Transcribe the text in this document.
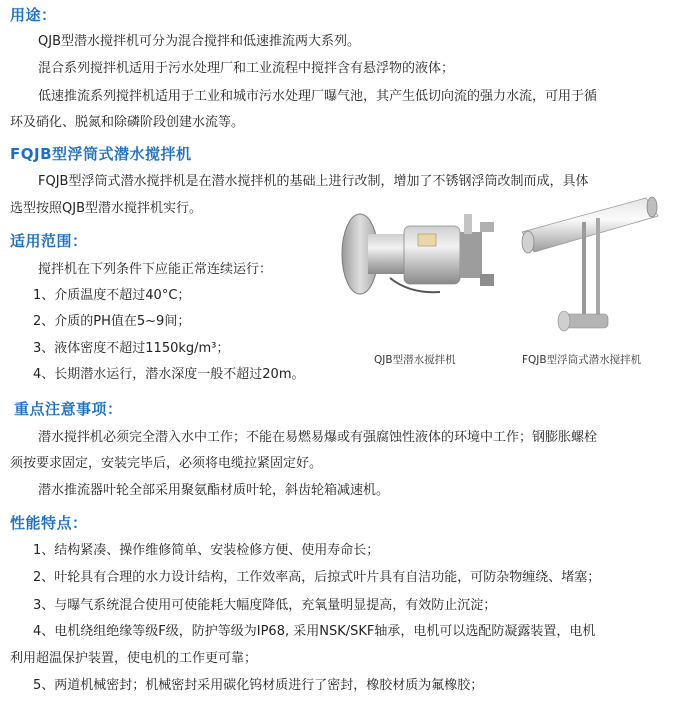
用途：
QJB型潜水搅拌机可分为混合搅拌和低速推流两大系列。
混合系列搅拌机适用于污水处理厂和工业流程中搅拌含有悬浮物的液体；
低速推流系列搅拌机适用于工业和城市污水处理厂曝气池，其产生低切向流的强力水流，可用于循
环及硝化、脱氮和除磷阶段创建水流等。
FQJB型浮筒式潜水搅拌机
FQJB型浮筒式潜水搅拌机是在潜水搅拌机的基础上进行改制，增加了不锈钢浮筒改制而成，具体
选型按照QJB型潜水搅拌机实行。
适用范围：
搅拌机在下列条件下应能正常连续运行：
1、介质温度不超过40°C；
2、介质的PH值在5~9间；
3、液体密度不超过1150kg/m³；
4、长期潜水运行，潜水深度一般不超过20m。
QJB型潜水搅拌机	FQJB型浮筒式潜水搅拌机
重点注意事项：
潜水搅拌机必须完全潜入水中工作；不能在易燃易爆或有强腐蚀性液体的环境中工作；钢膨胀螺栓
须按要求固定，安装完毕后，必须将电缆拉紧固定好。
潜水推流器叶轮全部采用聚氨酯材质叶轮，斜齿轮箱减速机。
性能特点：
1、结构紧凑、操作维修简单、安装检修方便、使用寿命长；
2、叶轮具有合理的水力设计结构，工作效率高，后掠式叶片具有自洁功能，可防杂物缠绕、堵塞；
3、与曝气系统混合使用可使能耗大幅度降低，充氧量明显提高，有效防止沉淀；
4、电机绕组绝缘等级F级，防护等级为IP68, 采用NSK/SKF轴承，电机可以选配防凝露装置，电机
利用超温保护装置，使电机的工作更可靠；
5、两道机械密封；机械密封采用碳化钨材质进行了密封，橡胶材质为氟橡胶；
